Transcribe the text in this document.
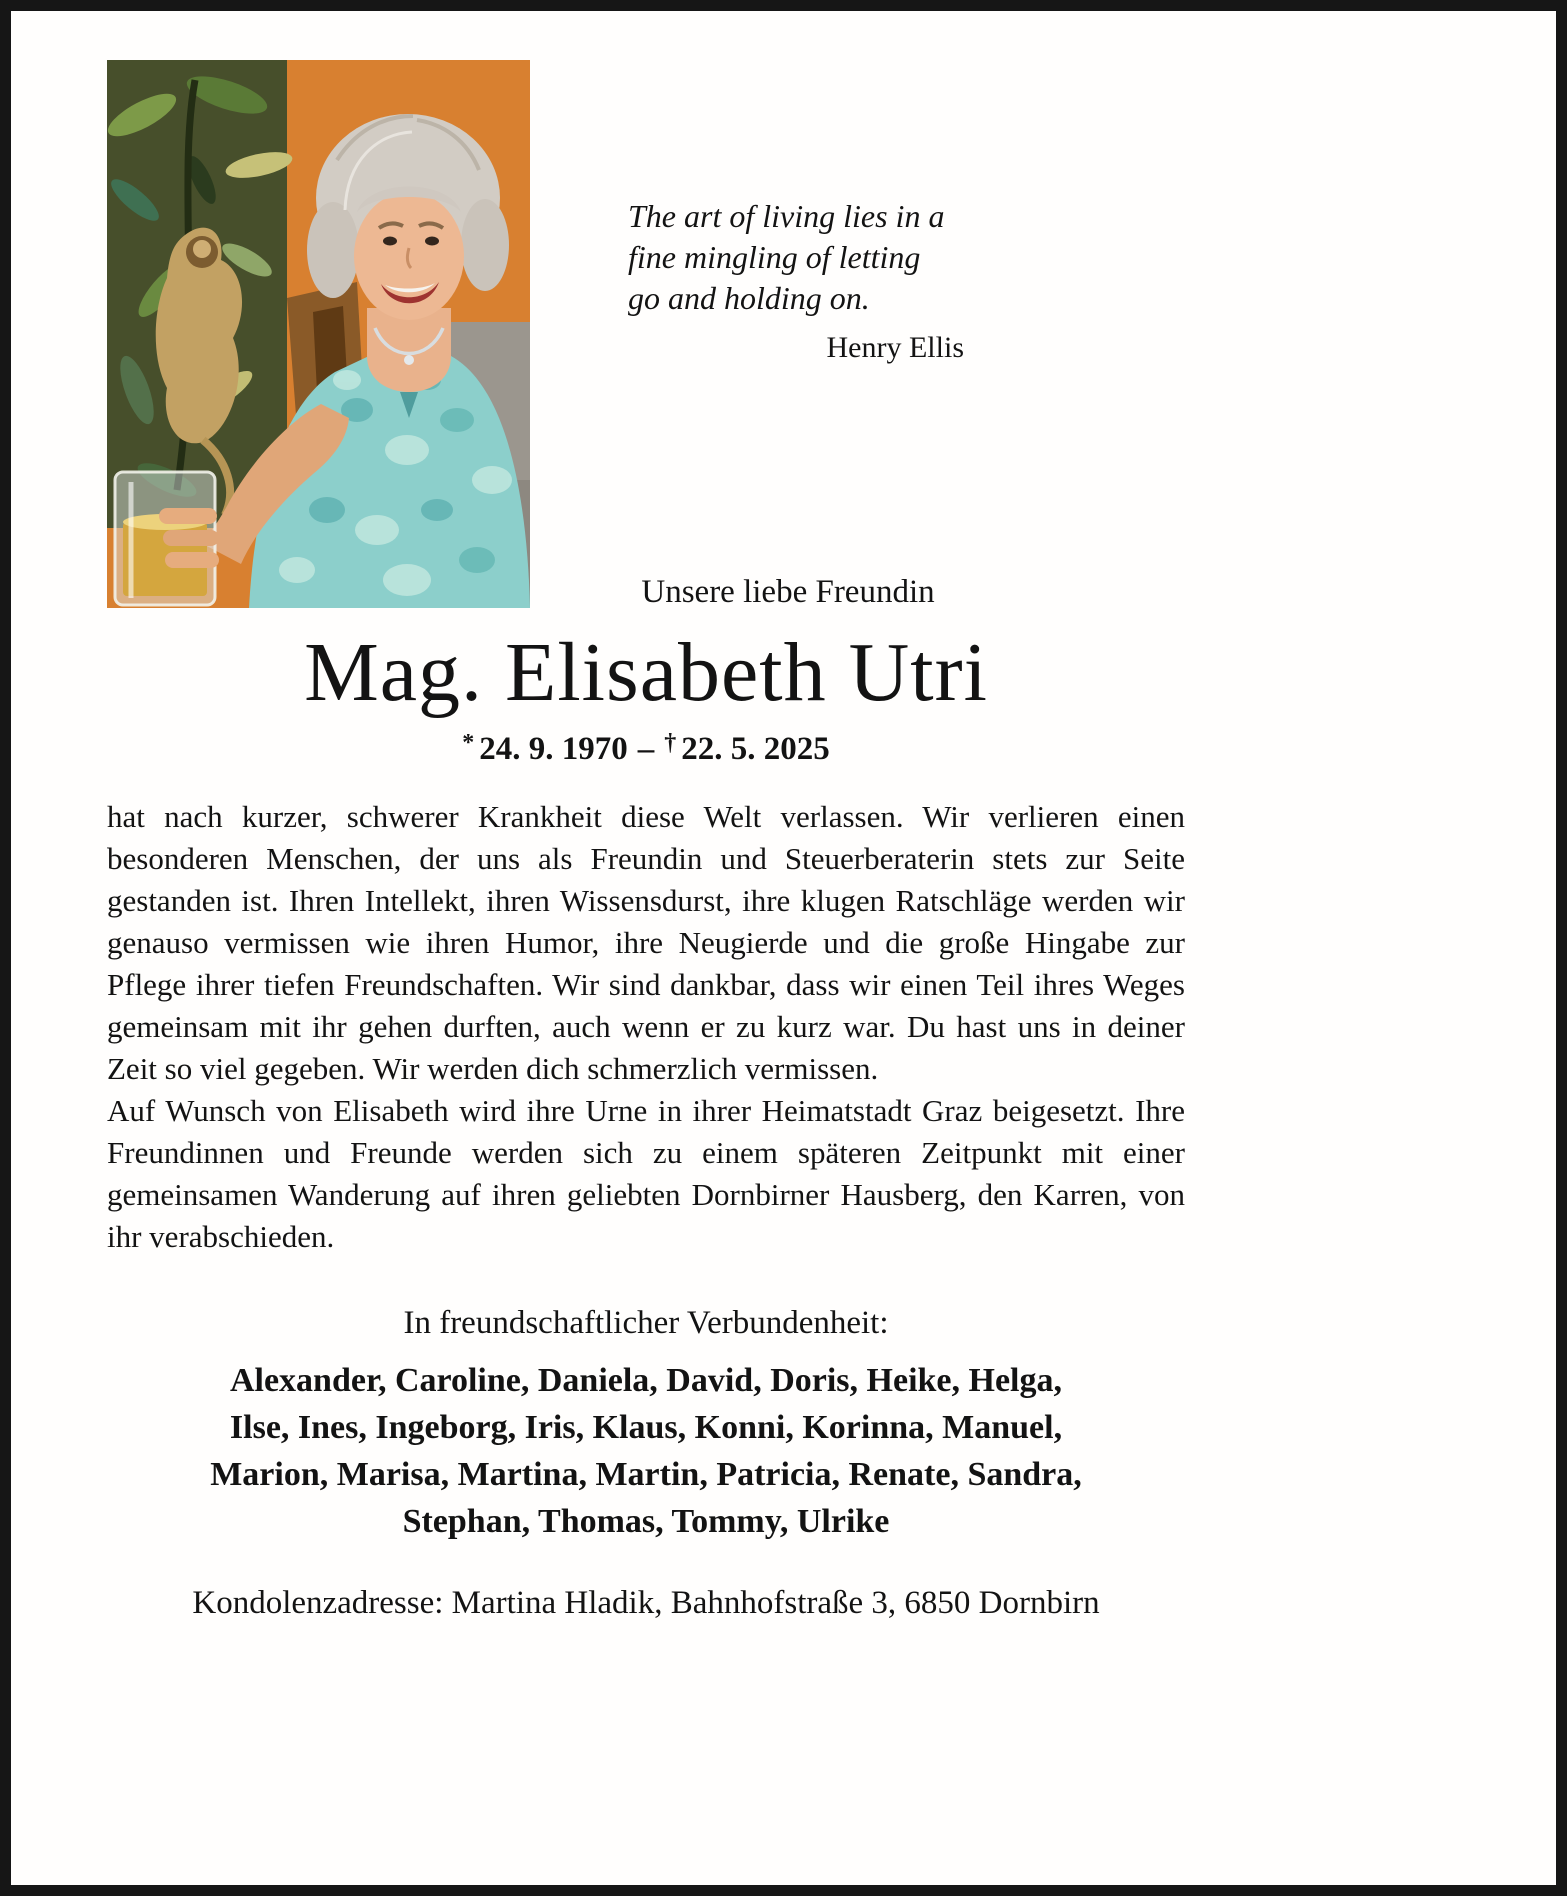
The art of living lies in a
fine mingling of letting
go and holding on.
Henry Ellis
Unsere liebe Freundin
Mag. Elisabeth Utri
* 24. 9. 1970 – † 22. 5. 2025

hat nach kurzer, schwerer Krankheit diese Welt verlassen. Wir verlieren einen besonderen Menschen, der uns als Freundin und Steuerberaterin stets zur Seite gestanden ist. Ihren Intellekt, ihren Wissensdurst, ihre klugen Ratschläge werden wir genauso vermissen wie ihren Humor, ihre Neugierde und die große Hingabe zur Pflege ihrer tiefen Freundschaften. Wir sind dankbar, dass wir einen Teil ihres Weges gemeinsam mit ihr gehen durften, auch wenn er zu kurz war. Du hast uns in deiner Zeit so viel gegeben. Wir werden dich schmerzlich vermissen.

Auf Wunsch von Elisabeth wird ihre Urne in ihrer Heimatstadt Graz beigesetzt. Ihre Freundinnen und Freunde werden sich zu einem späteren Zeitpunkt mit einer gemeinsamen Wanderung auf ihren geliebten Dornbirner Hausberg, den Karren, von ihr verabschieden.

In freundschaftlicher Verbundenheit:
Alexander, Caroline, Daniela, David, Doris, Heike, Helga,
Ilse, Ines, Ingeborg, Iris, Klaus, Konni, Korinna, Manuel,
Marion, Marisa, Martina, Martin, Patricia, Renate, Sandra,
Stephan, Thomas, Tommy, Ulrike
Kondolenzadresse: Martina Hladik, Bahnhofstraße 3, 6850 Dornbirn
